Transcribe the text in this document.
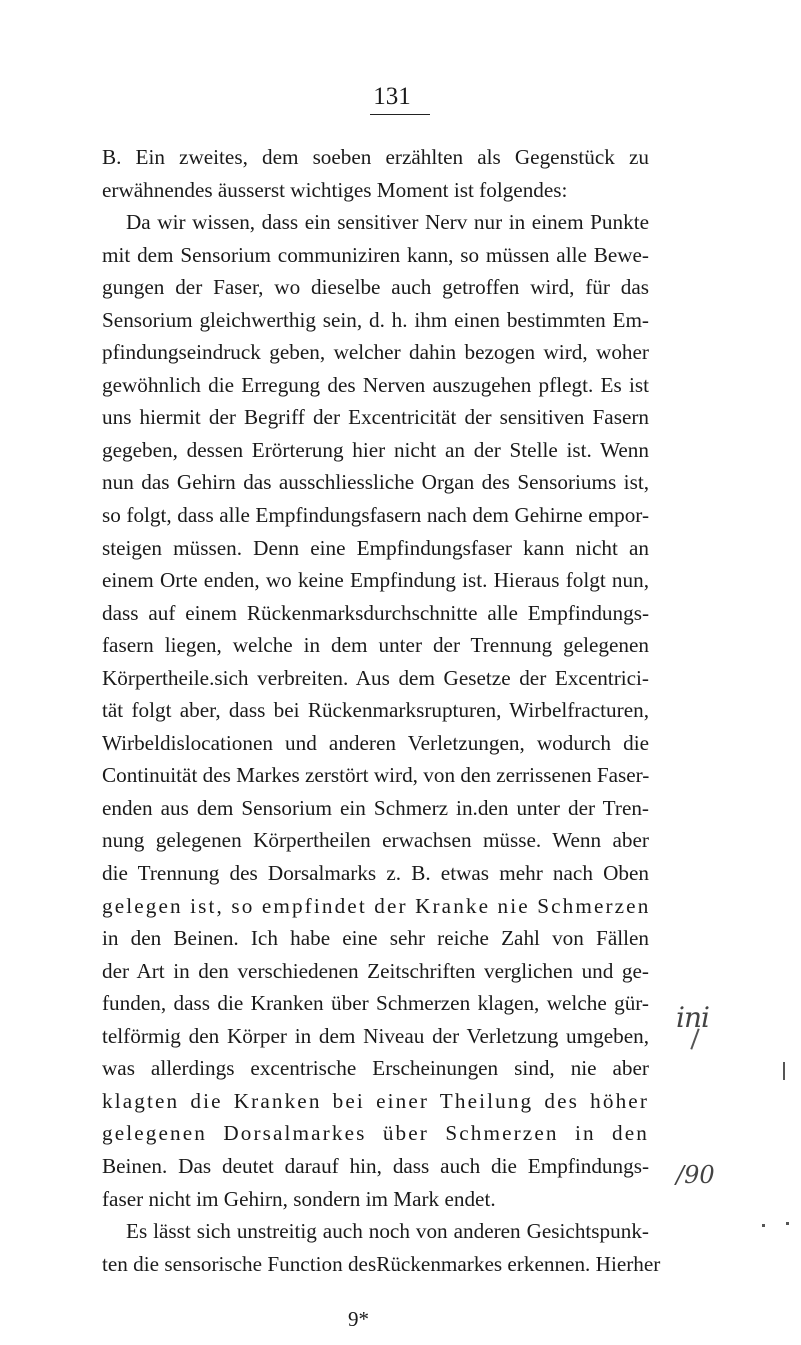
131
B. Ein zweites, dem soeben erzählten als Gegenstück zu
erwähnendes äusserst wichtiges Moment ist folgendes:
Da wir wissen, dass ein sensitiver Nerv nur in einem Punkte
mit dem Sensorium communiziren kann, so müssen alle Bewe-
gungen der Faser, wo dieselbe auch getroffen wird, für das
Sensorium gleichwerthig sein, d. h. ihm einen bestimmten Em-
pfindungseindruck geben, welcher dahin bezogen wird, woher
gewöhnlich die Erregung des Nerven auszugehen pflegt. Es ist
uns hiermit der Begriff der Excentricität der sensitiven Fasern
gegeben, dessen Erörterung hier nicht an der Stelle ist. Wenn
nun das Gehirn das ausschliessliche Organ des Sensoriums ist,
so folgt, dass alle Empfindungsfasern nach dem Gehirne empor-
steigen müssen. Denn eine Empfindungsfaser kann nicht an
einem Orte enden, wo keine Empfindung ist. Hieraus folgt nun,
dass auf einem Rückenmarksdurchschnitte alle Empfindungs-
fasern liegen, welche in dem unter der Trennung gelegenen
Körpertheile.sich verbreiten. Aus dem Gesetze der Excentrici-
tät folgt aber, dass bei Rückenmarksrupturen, Wirbelfracturen,
Wirbeldislocationen und anderen Verletzungen, wodurch die
Continuität des Markes zerstört wird, von den zerrissenen Faser-
enden aus dem Sensorium ein Schmerz in.den unter der Tren-
nung gelegenen Körpertheilen erwachsen müsse. Wenn aber
die Trennung des Dorsalmarks z. B. etwas mehr nach Oben
gelegen ist, so empfindet der Kranke nie Schmerzen
in den Beinen. Ich habe eine sehr reiche Zahl von Fällen
der Art in den verschiedenen Zeitschriften verglichen und ge-
funden, dass die Kranken über Schmerzen klagen, welche gür-
telförmig den Körper in dem Niveau der Verletzung umgeben,
was allerdings excentrische Erscheinungen sind, nie aber
klagten die Kranken bei einer Theilung des höher
gelegenen Dorsalmarkes über Schmerzen in den
Beinen. Das deutet darauf hin, dass auch die Empfindungs-
faser nicht im Gehirn, sondern im Mark endet.
Es lässt sich unstreitig auch noch von anderen Gesichtspunk-
ten die sensorische Function desRückenmarkes erkennen. Hierher
9*
ini
/90
